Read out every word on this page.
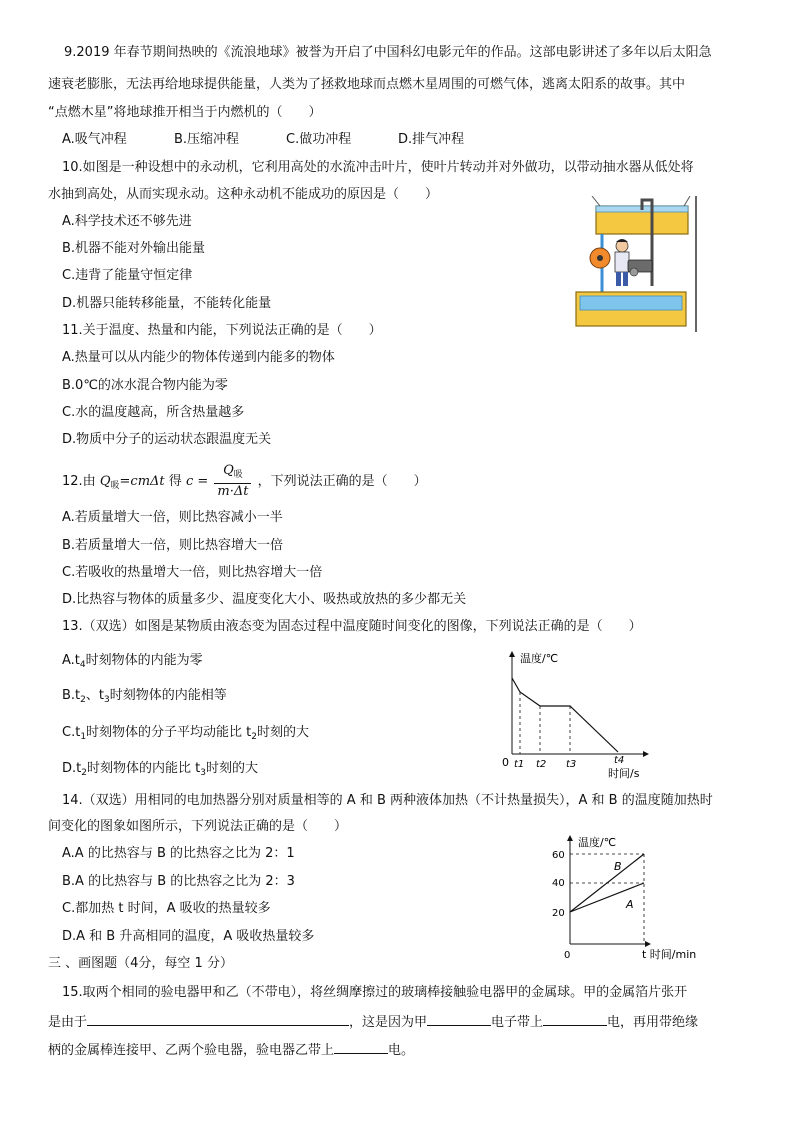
9.2019 年春节期间热映的《流浪地球》被誉为开启了中国科幻电影元年的作品。这部电影讲述了多年以后太阳急
速衰老膨胀，无法再给地球提供能量，人类为了拯救地球而点燃木星周围的可燃气体，逃离太阳系的故事。其中
“点燃木星”将地球推开相当于内燃机的（　　）
A.吸气冲程	B.压缩冲程	C.做功冲程	D.排气冲程
10.如图是一种设想中的永动机，它利用高处的水流冲击叶片，使叶片转动并对外做功，以带动抽水器从低处将
水抽到高处，从而实现永动。这种永动机不能成功的原因是（　　）
A.科学技术还不够先进
B.机器不能对外输出能量
C.违背了能量守恒定律
D.机器只能转移能量，不能转化能量
11.关于温度、热量和内能，下列说法正确的是（　　）
A.热量可以从内能少的物体传递到内能多的物体
B.0℃的冰水混合物内能为零
C.水的温度越高，所含热量越多
D.物质中分子的运动状态跟温度无关
12.由 $Q_吸=cm\Delta t$ 得 $c = \frac{Q_吸}{m\cdot\Delta t}$ ，下列说法正确的是（　　）
A.若质量增大一倍，则比热容减小一半
B.若质量增大一倍，则比热容增大一倍
C.若吸收的热量增大一倍，则比热容增大一倍
D.比热容与物体的质量多少、温度变化大小、吸热或放热的多少都无关
13.（双选）如图是某物质由液态变为固态过程中温度随时间变化的图像，下列说法正确的是（　　）
$A.t_4$时刻物体的内能为零
$B.t_2$、$t_3$时刻物体的内能相等
$C.t_1$时刻物体的分子平均动能比 $t_2$时刻的大
$D.t_2$时刻物体的内能比 $t_3$时刻的大
温度/℃
0 t1 t2 t3	t4
时间/s
14.（双选）用相同的电加热器分别对质量相等的 A 和 B 两种液体加热（不计热量损失），A 和 B 的温度随加热时
间变化的图象如图所示，下列说法正确的是（　　）
A.A 的比热容与 B 的比热容之比为 2：1
B.A 的比热容与 B 的比热容之比为 2：3
C.都加热 t 时间，A 吸收的热量较多
D.A 和 B 升高相同的温度，A 吸收热量较多
温度/℃
60
40
20
0
B
A
t 时间/min
三 、画图题（4分，每空 1 分）
15.取两个相同的验电器甲和乙（不带电），将丝绸摩擦过的玻璃棒接触验电器甲的金属球。甲的金属箔片张开
是由于	，这是因为甲	电子带上	电，再用带绝缘
柄的金属棒连接甲、乙两个验电器，验电器乙带上	电。
